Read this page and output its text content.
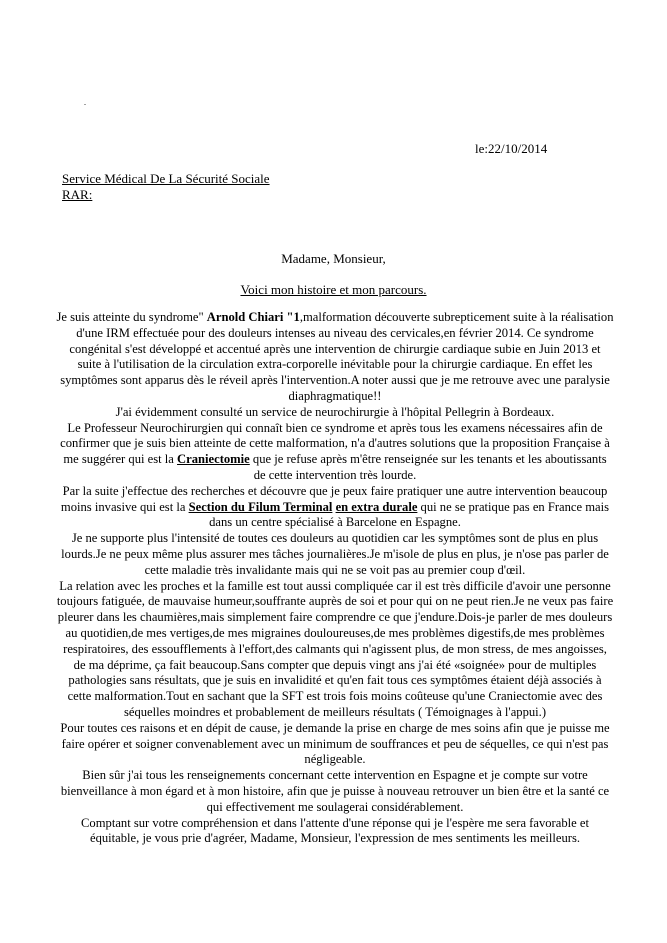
.
le:22/10/2014
Service Médical De La Sécurité Sociale
RAR:
Madame, Monsieur,
Voici mon histoire et mon parcours.

Je suis atteinte du syndrome" Arnold Chiari "1,malformation découverte subrepticement suite à la réalisation d'une IRM effectuée pour des douleurs intenses au niveau des cervicales,en février 2014. Ce syndrome congénital s'est développé et accentué après une intervention de chirurgie cardiaque subie en Juin 2013 et suite à l'utilisation de la circulation extra-corporelle inévitable pour la chirurgie cardiaque. En effet les symptômes sont apparus dès le réveil après l'intervention.A noter aussi que je me retrouve avec une paralysie diaphragmatique!!

J'ai évidemment consulté un service de neurochirurgie à l'hôpital Pellegrin à Bordeaux.

Le Professeur Neurochirurgien qui connaît bien ce syndrome et après tous les examens nécessaires afin de confirmer que je suis bien atteinte de cette malformation, n'a d'autres solutions que la proposition Française à me suggérer qui est la Craniectomie que je refuse après m'être renseignée sur les tenants et les aboutissants de cette intervention très lourde.

Par la suite j'effectue des recherches et découvre que je peux faire pratiquer une autre intervention beaucoup moins invasive qui est la Section du Filum Terminal en extra durale qui ne se pratique pas en France mais dans un centre spécialisé à Barcelone en Espagne.

Je ne supporte plus l'intensité de toutes ces douleurs au quotidien car les symptômes sont de plus en plus lourds.Je ne peux même plus assurer mes tâches journalières.Je m'isole de plus en plus, je n'ose pas parler de cette maladie très invalidante mais qui ne se voit pas au premier coup d'œil.

La relation avec les proches et la famille est tout aussi compliquée car il est très difficile d'avoir une personne toujours fatiguée, de mauvaise humeur,souffrante auprès de soi et pour qui on ne peut rien.Je ne veux pas faire pleurer dans les chaumières,mais simplement faire comprendre ce que j'endure.Dois-je parler de mes douleurs au quotidien,de mes vertiges,de mes migraines douloureuses,de mes problèmes digestifs,de mes problèmes respiratoires, des essoufflements à l'effort,des calmants qui n'agissent plus, de mon stress, de mes angoisses, de ma déprime, ça fait beaucoup.Sans compter que depuis vingt ans j'ai été «soignée» pour de multiples pathologies sans résultats, que je suis en invalidité et qu'en fait tous ces symptômes étaient déjà associés à cette malformation.Tout en sachant que la SFT est trois fois moins coûteuse qu'une Craniectomie avec des séquelles moindres et probablement de meilleurs résultats ( Témoignages à l'appui.)

Pour toutes ces raisons et en dépit de cause, je demande la prise en charge de mes soins afin que je puisse me faire opérer et soigner convenablement avec un minimum de souffrances et peu de séquelles, ce qui n'est pas négligeable.

Bien sûr j'ai tous les renseignements concernant cette intervention en Espagne et je compte sur votre bienveillance à mon égard et à mon histoire, afin que je puisse à nouveau retrouver un bien être et la santé ce qui effectivement me soulagerai considérablement.

Comptant sur votre compréhension et dans l'attente d'une réponse qui je l'espère me sera favorable et équitable, je vous prie d'agréer, Madame, Monsieur, l'expression de mes sentiments les meilleurs.
